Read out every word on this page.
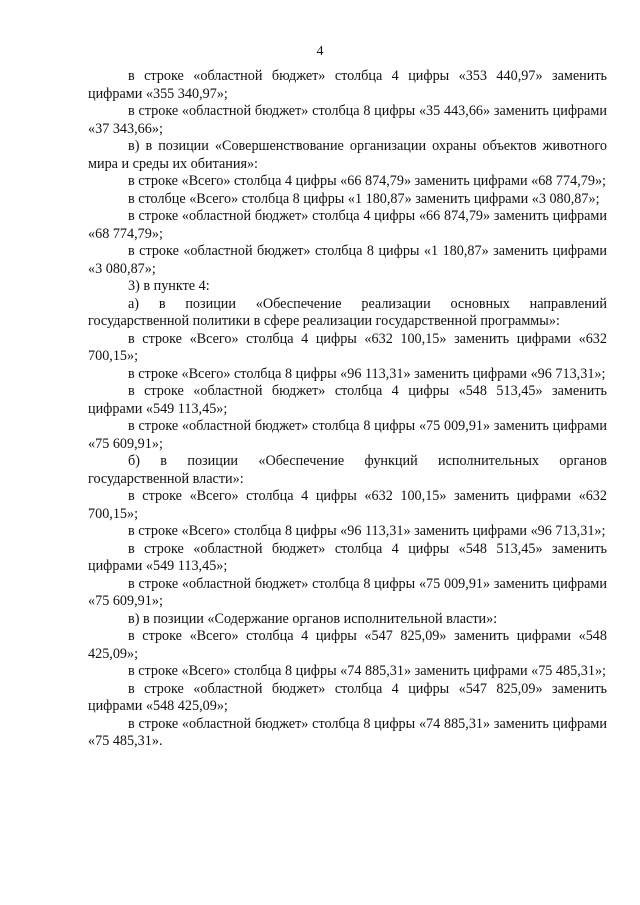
4

в строке «областной бюджет» столбца 4 цифры «353 440,97» заменить цифрами «355 340,97»;

в строке «областной бюджет» столбца 8 цифры «35 443,66» заменить цифрами «37 343,66»;

в) в позиции «Совершенствование организации охраны объектов животного мира и среды их обитания»:

в строке «Всего» столбца 4 цифры «66 874,79» заменить цифрами «68 774,79»;

в столбце «Всего» столбца 8 цифры «1 180,87» заменить цифрами «3 080,87»;

в строке «областной бюджет» столбца 4 цифры «66 874,79» заменить цифрами «68 774,79»;

в строке «областной бюджет» столбца 8 цифры «1 180,87» заменить цифрами «3 080,87»;

3) в пункте 4:

а) в позиции «Обеспечение реализации основных направлений государственной политики в сфере реализации государственной программы»:

в строке «Всего» столбца 4 цифры «632 100,15» заменить цифрами «632 700,15»;

в строке «Всего» столбца 8 цифры «96 113,31» заменить цифрами «96 713,31»;

в строке «областной бюджет» столбца 4 цифры «548 513,45» заменить цифрами «549 113,45»;

в строке «областной бюджет» столбца 8 цифры «75 009,91» заменить цифрами «75 609,91»;

б) в позиции «Обеспечение функций исполнительных органов государственной власти»:

в строке «Всего» столбца 4 цифры «632 100,15» заменить цифрами «632 700,15»;

в строке «Всего» столбца 8 цифры «96 113,31» заменить цифрами «96 713,31»;

в строке «областной бюджет» столбца 4 цифры «548 513,45» заменить цифрами «549 113,45»;

в строке «областной бюджет» столбца 8 цифры «75 009,91» заменить цифрами «75 609,91»;

в) в позиции «Содержание органов исполнительной власти»:

в строке «Всего» столбца 4 цифры «547 825,09» заменить цифрами «548 425,09»;

в строке «Всего» столбца 8 цифры «74 885,31» заменить цифрами «75 485,31»;

в строке «областной бюджет» столбца 4 цифры «547 825,09» заменить цифрами «548 425,09»;

в строке «областной бюджет» столбца 8 цифры «74 885,31» заменить цифрами «75 485,31».
